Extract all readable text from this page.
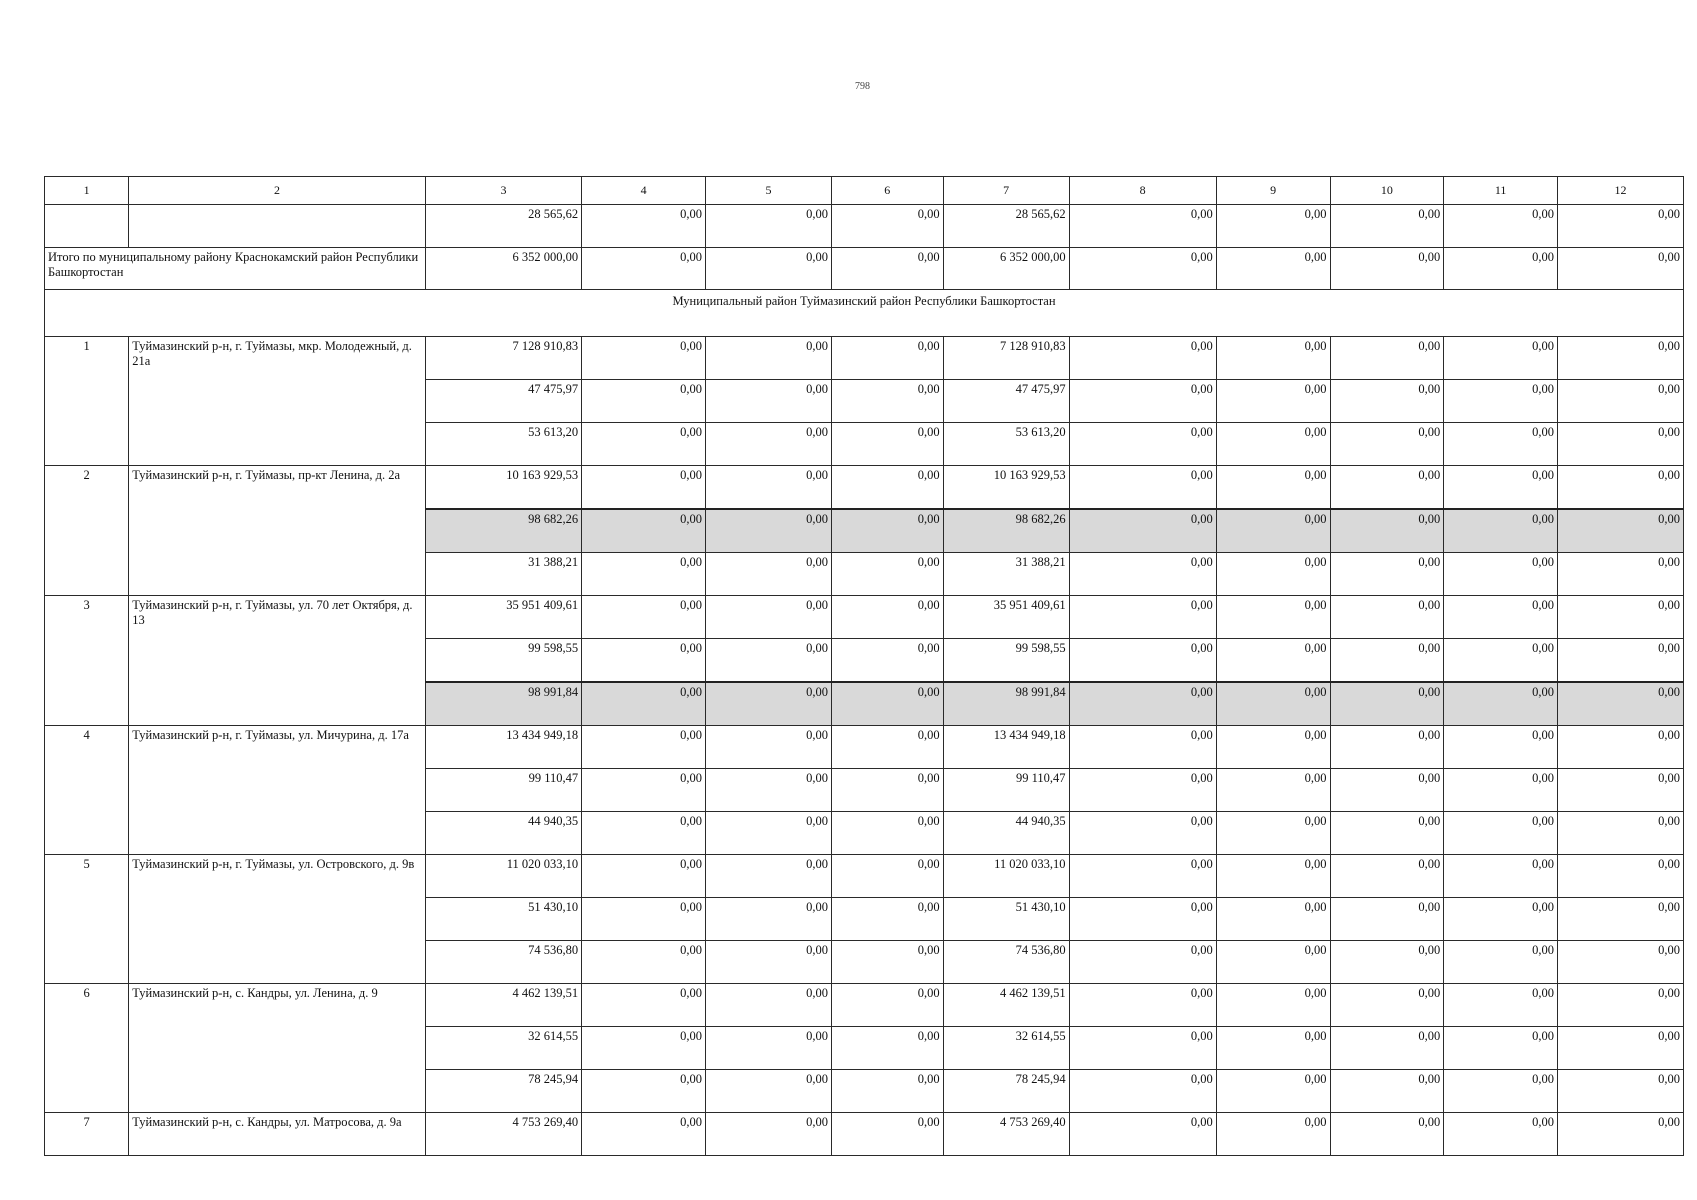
798
1	2	3	4	5	6	7	8	9	10	11	12
		28 565,62	0,00	0,00	0,00	28 565,62	0,00	0,00	0,00	0,00	0,00
Итого по муниципальному району Краснокамский район Республики Башкортостан		6 352 000,00	0,00	0,00	0,00	6 352 000,00	0,00	0,00	0,00	0,00	0,00
Муниципальный район Туймазинский район Республики Башкортостан											
1	Туймазинский р-н, г. Туймазы, мкр. Молодежный, д. 21а	7 128 910,83	0,00	0,00	0,00	7 128 910,83	0,00	0,00	0,00	0,00	0,00
		47 475,97	0,00	0,00	0,00	47 475,97	0,00	0,00	0,00	0,00	0,00
		53 613,20	0,00	0,00	0,00	53 613,20	0,00	0,00	0,00	0,00	0,00
2	Туймазинский р-н, г. Туймазы, пр-кт Ленина, д. 2а	10 163 929,53	0,00	0,00	0,00	10 163 929,53	0,00	0,00	0,00	0,00	0,00
		98 682,26	0,00	0,00	0,00	98 682,26	0,00	0,00	0,00	0,00	0,00
		31 388,21	0,00	0,00	0,00	31 388,21	0,00	0,00	0,00	0,00	0,00
3	Туймазинский р-н, г. Туймазы, ул. 70 лет Октября, д. 13	35 951 409,61	0,00	0,00	0,00	35 951 409,61	0,00	0,00	0,00	0,00	0,00
		99 598,55	0,00	0,00	0,00	99 598,55	0,00	0,00	0,00	0,00	0,00
		98 991,84	0,00	0,00	0,00	98 991,84	0,00	0,00	0,00	0,00	0,00
4	Туймазинский р-н, г. Туймазы, ул. Мичурина, д. 17а	13 434 949,18	0,00	0,00	0,00	13 434 949,18	0,00	0,00	0,00	0,00	0,00
		99 110,47	0,00	0,00	0,00	99 110,47	0,00	0,00	0,00	0,00	0,00
		44 940,35	0,00	0,00	0,00	44 940,35	0,00	0,00	0,00	0,00	0,00
5	Туймазинский р-н, г. Туймазы, ул. Островского, д. 9в	11 020 033,10	0,00	0,00	0,00	11 020 033,10	0,00	0,00	0,00	0,00	0,00
		51 430,10	0,00	0,00	0,00	51 430,10	0,00	0,00	0,00	0,00	0,00
		74 536,80	0,00	0,00	0,00	74 536,80	0,00	0,00	0,00	0,00	0,00
6	Туймазинский р-н, с. Кандры, ул. Ленина, д. 9	4 462 139,51	0,00	0,00	0,00	4 462 139,51	0,00	0,00	0,00	0,00	0,00
		32 614,55	0,00	0,00	0,00	32 614,55	0,00	0,00	0,00	0,00	0,00
		78 245,94	0,00	0,00	0,00	78 245,94	0,00	0,00	0,00	0,00	0,00
7	Туймазинский р-н, с. Кандры, ул. Матросова, д. 9а	4 753 269,40	0,00	0,00	0,00	4 753 269,40	0,00	0,00	0,00	0,00	0,00
